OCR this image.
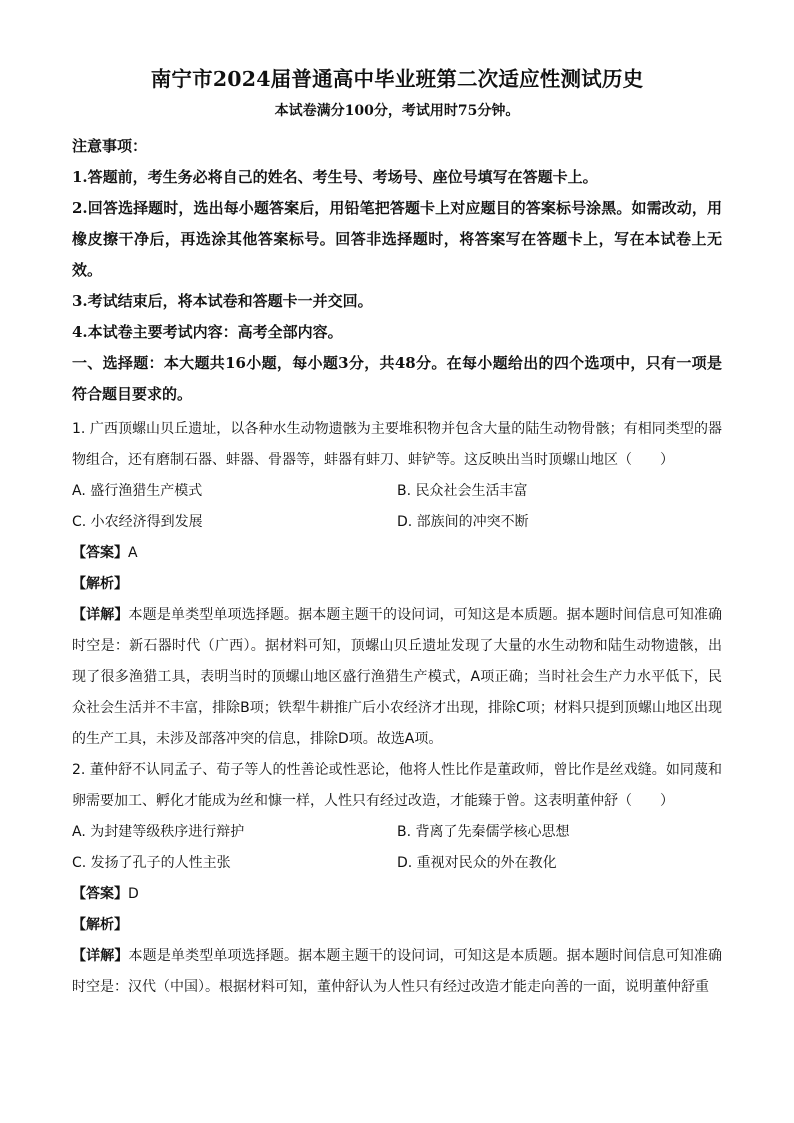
南宁市2024届普通高中毕业班第二次适应性测试历史

本试卷满分100分，考试用时75分钟。

注意事项：

1.答题前，考生务必将自己的姓名、考生号、考场号、座位号填写在答题卡上。

2.回答选择题时，选出每小题答案后，用铅笔把答题卡上对应题目的答案标号涂黑。如需改动，用橡皮擦干净后，再选涂其他答案标号。回答非选择题时，将答案写在答题卡上，写在本试卷上无效。

3.考试结束后，将本试卷和答题卡一并交回。

4.本试卷主要考试内容：高考全部内容。

一、选择题：本大题共16小题，每小题3分，共48分。在每小题给出的四个选项中，只有一项是符合题目要求的。

1. 广西顶螺山贝丘遗址，以各种水生动物遗骸为主要堆积物并包含大量的陆生动物骨骸；有相同类型的器物组合，还有磨制石器、蚌器、骨器等，蚌器有蚌刀、蚌铲等。这反映出当时顶螺山地区（　　）

A. 盛行渔猎生产模式	B. 民众社会生活丰富
C. 小农经济得到发展	D. 部族间的冲突不断

【答案】A

【解析】

【详解】本题是单类型单项选择题。据本题主题干的设问词，可知这是本质题。据本题时间信息可知准确时空是：新石器时代（广西）。据材料可知，顶螺山贝丘遗址发现了大量的水生动物和陆生动物遗骸，出现了很多渔猎工具，表明当时的顶螺山地区盛行渔猎生产模式，A项正确；当时社会生产力水平低下，民众社会生活并不丰富，排除B项；铁犁牛耕推广后小农经济才出现，排除C项；材料只提到顶螺山地区出现的生产工具，未涉及部落冲突的信息，排除D项。故选A项。

2. 董仲舒不认同孟子、荀子等人的性善论或性恶论，他将人性比作是董政师，曾比作是丝戏缝。如同蔑和卵需要加工、孵化才能成为丝和慷一样，人性只有经过改造，才能臻于曾。这表明董仲舒（　　）

A. 为封建等级秩序进行辩护	B. 背离了先秦儒学核心思想
C. 发扬了孔子的人性主张	D. 重视对民众的外在教化

【答案】D

【解析】

【详解】本题是单类型单项选择题。据本题主题干的设问词，可知这是本质题。据本题时间信息可知准确时空是：汉代（中国）。根据材料可知，董仲舒认为人性只有经过改造才能走向善的一面，说明董仲舒重
